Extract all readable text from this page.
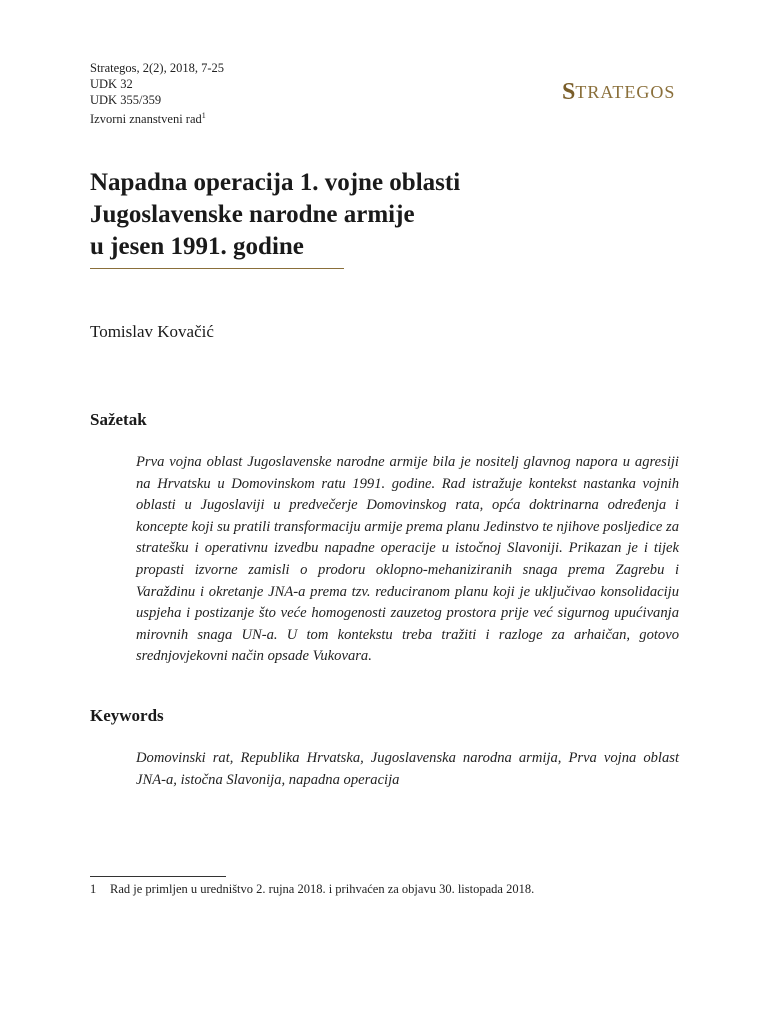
Strategos, 2(2), 2018, 7-25
UDK 32
UDK 355/359
Izvorni znanstveni rad$^1$
S TRATEGOS
Napadna operacija 1. vojne oblasti
Jugoslavenske narodne armije
u jesen 1991. godine
Tomislav Kovačić
Sažetak

Prva vojna oblast Jugoslavenske narodne armije bila je nositelj glavnog napora u agresiji na Hrvatsku u Domovinskom ratu 1991. godine. Rad istražuje kontekst nastanka vojnih oblasti u Jugoslaviji u predvečerje Domovinskog rata, opća doktrinarna određenja i koncepte koji su pratili transformaciju armije prema planu Jedinstvo te njihove posljedice za stratešku i operativnu izvedbu napadne operacije u istočnoj Slavoniji. Prikazan je i tijek propasti izvorne zamisli o prodoru oklopno-mehaniziranih snaga prema Zagrebu i Varaždinu i okretanje JNA-a prema tzv. reduciranom planu koji je uključivao konsolidaciju uspjeha i postizanje što veće homogenosti zauzetog prostora prije već sigurnog upućivanja mirovnih snaga UN-a. U tom kontekstu treba tražiti i razloge za arhaičan, gotovo srednjovjekovni način opsade Vukovara.

Keywords

Domovinski rat, Republika Hrvatska, Jugoslavenska narodna armija, Prva vojna oblast JNA-a, istočna Slavonija, napadna operacija

1 Rad je primljen u uredništvo 2. rujna 2018. i prihvaćen za objavu 30. listopada 2018.
